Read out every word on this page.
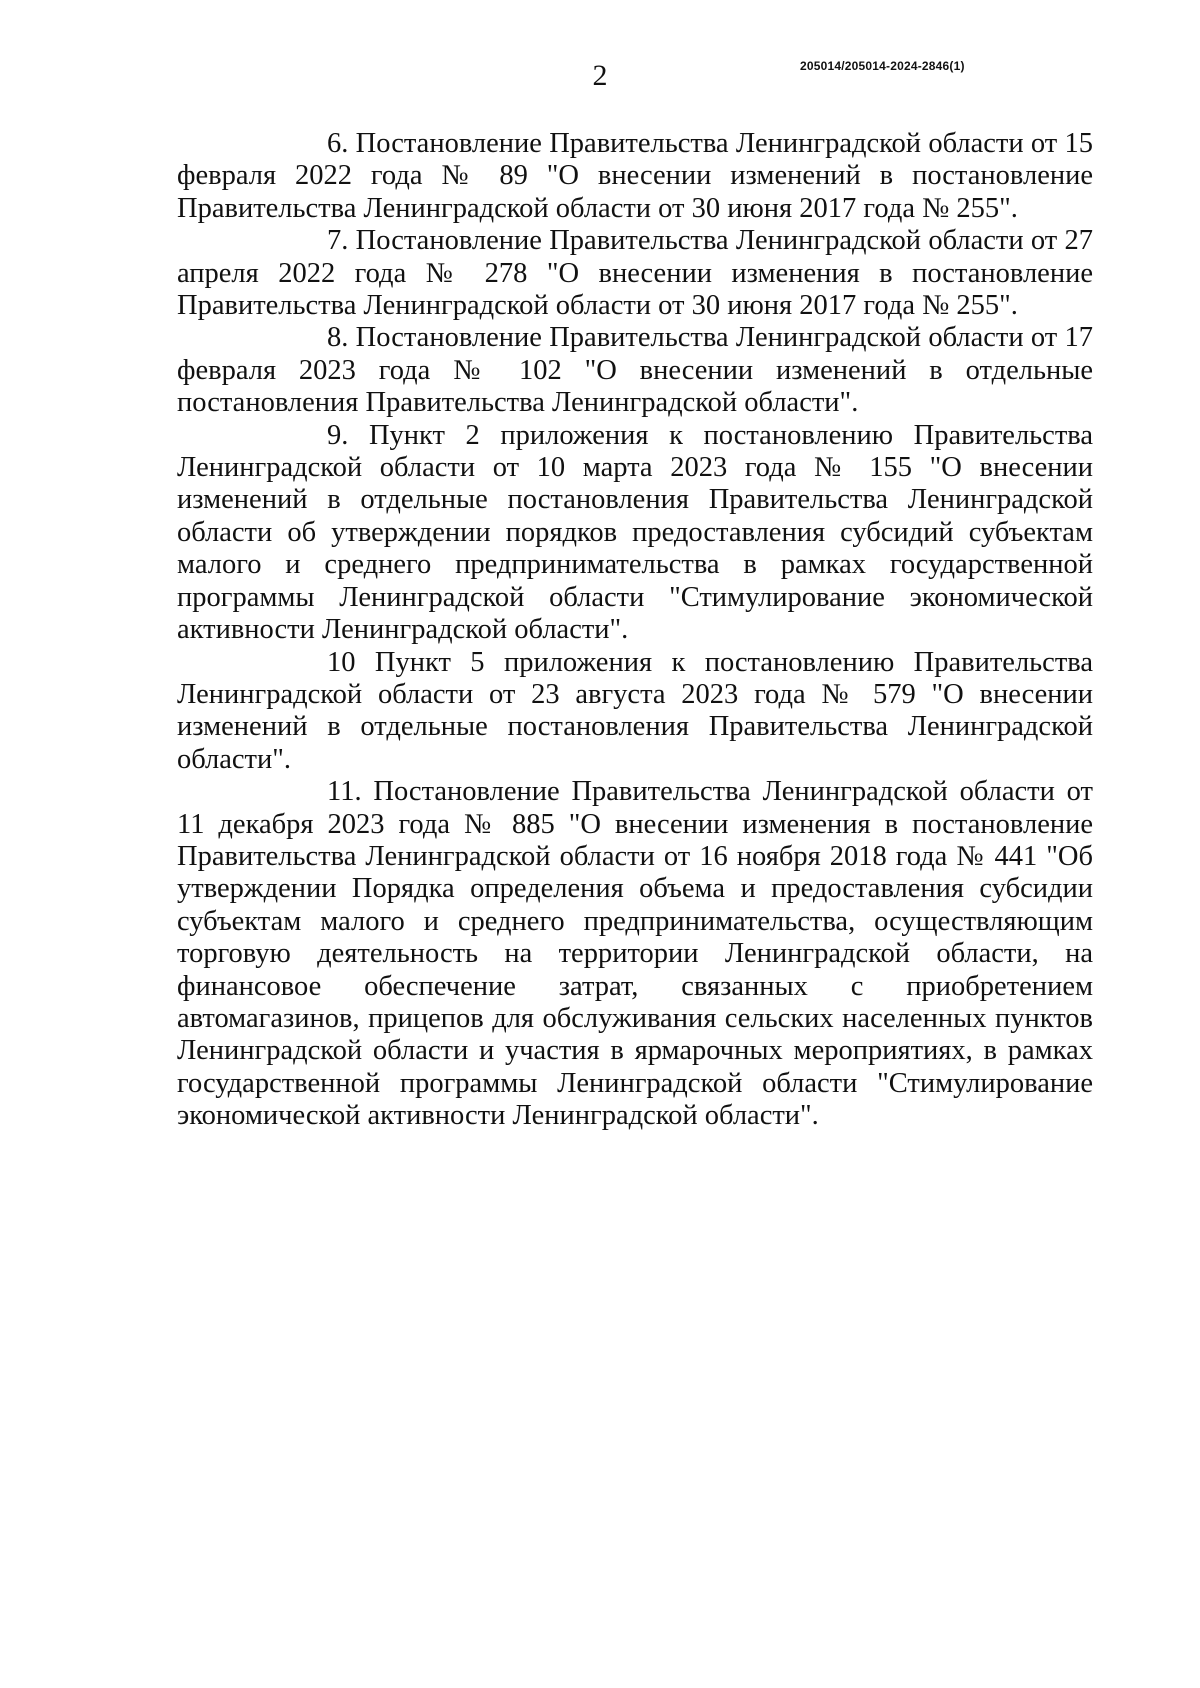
2	205014/205014-2024-2846(1)

6. Постановление Правительства Ленинградской области от 15 февраля 2022 года № 89 "О внесении изменений в постановление Правительства Ленинградской области от 30 июня 2017 года № 255".

7. Постановление Правительства Ленинградской области от 27 апреля 2022 года № 278 "О внесении изменения в постановление Правительства Ленинградской области от 30 июня 2017 года № 255".

8. Постановление Правительства Ленинградской области от 17 февраля 2023 года № 102 "О внесении изменений в отдельные постановления Правительства Ленинградской области".

9. Пункт 2 приложения к постановлению Правительства Ленинградской области от 10 марта 2023 года № 155 "О внесении изменений в отдельные постановления Правительства Ленинградской области об утверждении порядков предоставления субсидий субъектам малого и среднего предпринимательства в рамках государственной программы Ленинградской области "Стимулирование экономической активности Ленинградской области".

10 Пункт 5 приложения к постановлению Правительства Ленинградской области от 23 августа 2023 года № 579 "О внесении изменений в отдельные постановления Правительства Ленинградской области".

11. Постановление Правительства Ленинградской области от 11 декабря 2023 года № 885 "О внесении изменения в постановление Правительства Ленинградской области от 16 ноября 2018 года № 441 "Об утверждении Порядка определения объема и предоставления субсидии субъектам малого и среднего предпринимательства, осуществляющим торговую деятельность на территории Ленинградской области, на финансовое обеспечение затрат, связанных с приобретением автомагазинов, прицепов для обслуживания сельских населенных пунктов Ленинградской области и участия в ярмарочных мероприятиях, в рамках государственной программы Ленинградской области "Стимулирование экономической активности Ленинградской области".
